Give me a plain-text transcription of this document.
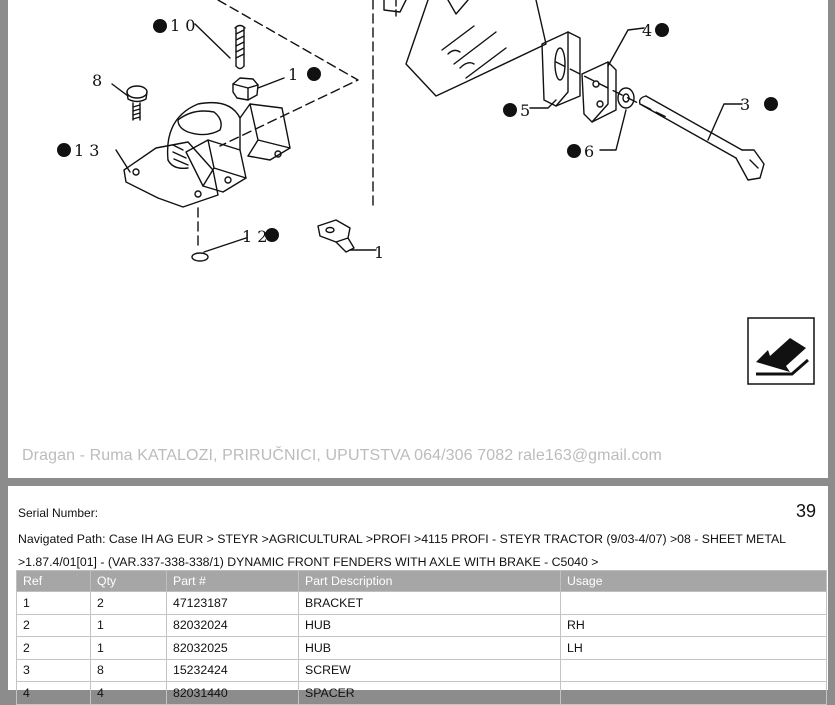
1 0
1
8
1 3
1 2
1
4
5
6
3
Dragan - Ruma KATALOZI, PRIRUČNICI, UPUTSTVA 064/306 7082 rale163@gmail.com
Serial Number:	39
Navigated Path: Case IH AG EUR > STEYR >AGRICULTURAL >PROFI >4115 PROFI - STEYR TRACTOR (9/03-4/07) >08 - SHEET METAL >1.87.4/01[01] - (VAR.337-338-338/1) DYNAMIC FRONT FENDERS WITH AXLE WITH BRAKE - C5040 >
Ref	Qty	Part #	Part Description	Usage
1	2	47123187	BRACKET	
2	1	82032024	HUB	RH
2	1	82032025	HUB	LH
3	8	15232424	SCREW	
4	4	82031440	SPACER	
